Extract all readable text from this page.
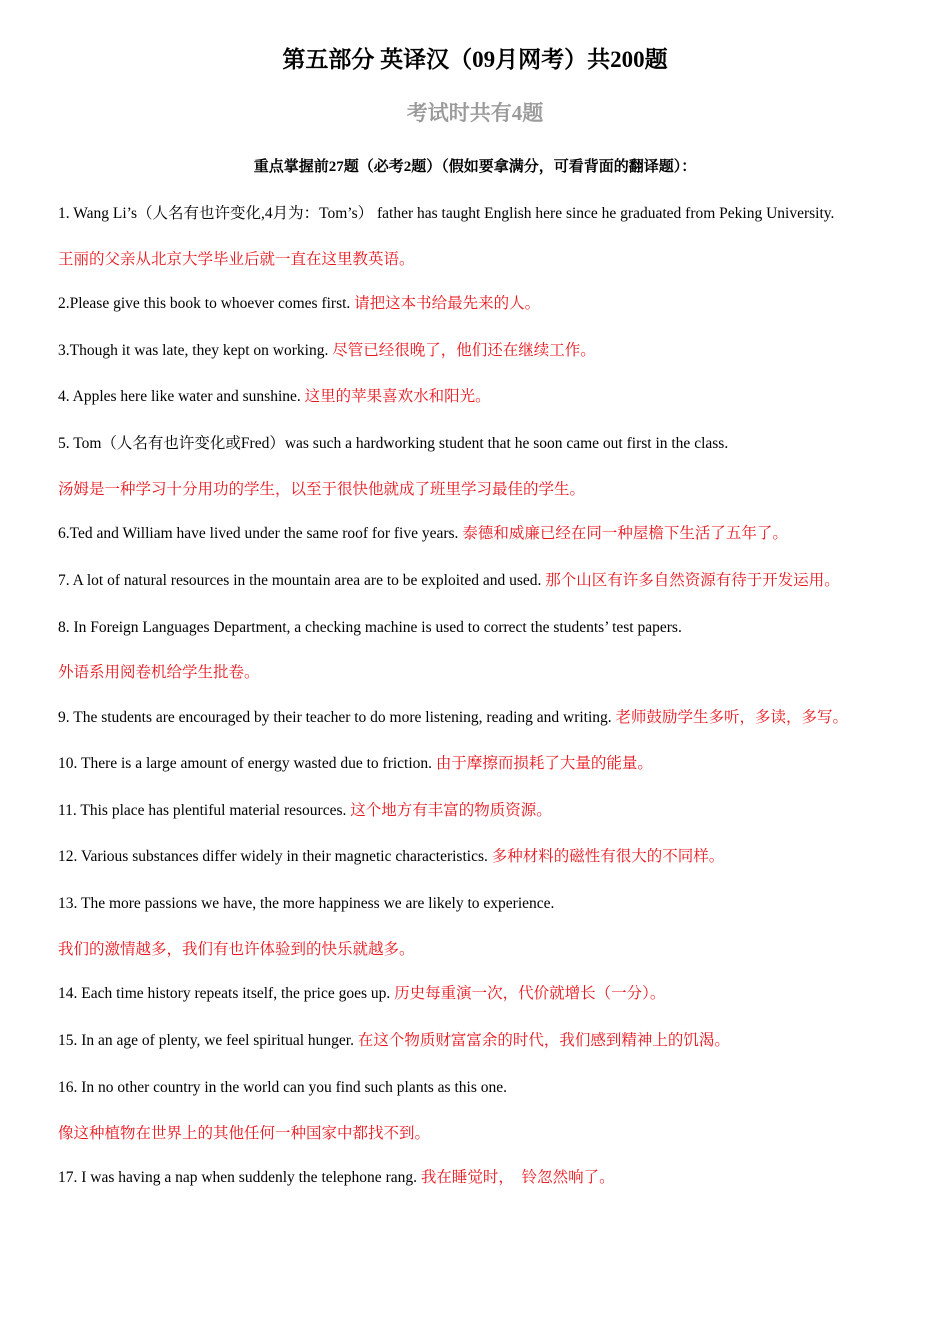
第五部分 英译汉（09月网考）共200题
考试时共有4题
重点掌握前27题（必考2题）（假如要拿满分，可看背面的翻译题）：
1. Wang Li’s（人名有也许变化,4月为：Tom’s） father has taught English here since he graduated from Peking University.
王丽的父亲从北京大学毕业后就一直在这里教英语。
2.Please give this book to whoever comes first. 请把这本书给最先来的人。
3.Though it was late, they kept on working. 尽管已经很晚了，他们还在继续工作。
4. Apples here like water and sunshine. 这里的苹果喜欢水和阳光。
5. Tom（人名有也许变化或Fred）was such a hardworking student that he soon came out first in the class.
汤姆是一种学习十分用功的学生，以至于很快他就成了班里学习最佳的学生。
6.Ted and William have lived under the same roof for five years. 泰德和威廉已经在同一种屋檐下生活了五年了。
7. A lot of natural resources in the mountain area are to be exploited and used. 那个山区有许多自然资源有待于开发运用。
8. In Foreign Languages Department, a checking machine is used to correct the students’ test papers.
外语系用阅卷机给学生批卷。
9. The students are encouraged by their teacher to do more listening, reading and writing. 老师鼓励学生多听，多读，多写。
10. There is a large amount of energy wasted due to friction. 由于摩擦而损耗了大量的能量。
11. This place has plentiful material resources. 这个地方有丰富的物质资源。
12. Various substances differ widely in their magnetic characteristics. 多种材料的磁性有很大的不同样。
13. The more passions we have, the more happiness we are likely to experience.
我们的激情越多，我们有也许体验到的快乐就越多。
14. Each time history repeats itself, the price goes up. 历史每重演一次，代价就增长（一分）。
15. In an age of plenty, we feel spiritual hunger. 在这个物质财富富余的时代，我们感到精神上的饥渴。
16. In no other country in the world can you find such plants as this one.
像这种植物在世界上的其他任何一种国家中都找不到。
17. I was having a nap when suddenly the telephone rang. 我在睡觉时，　铃忽然响了。
